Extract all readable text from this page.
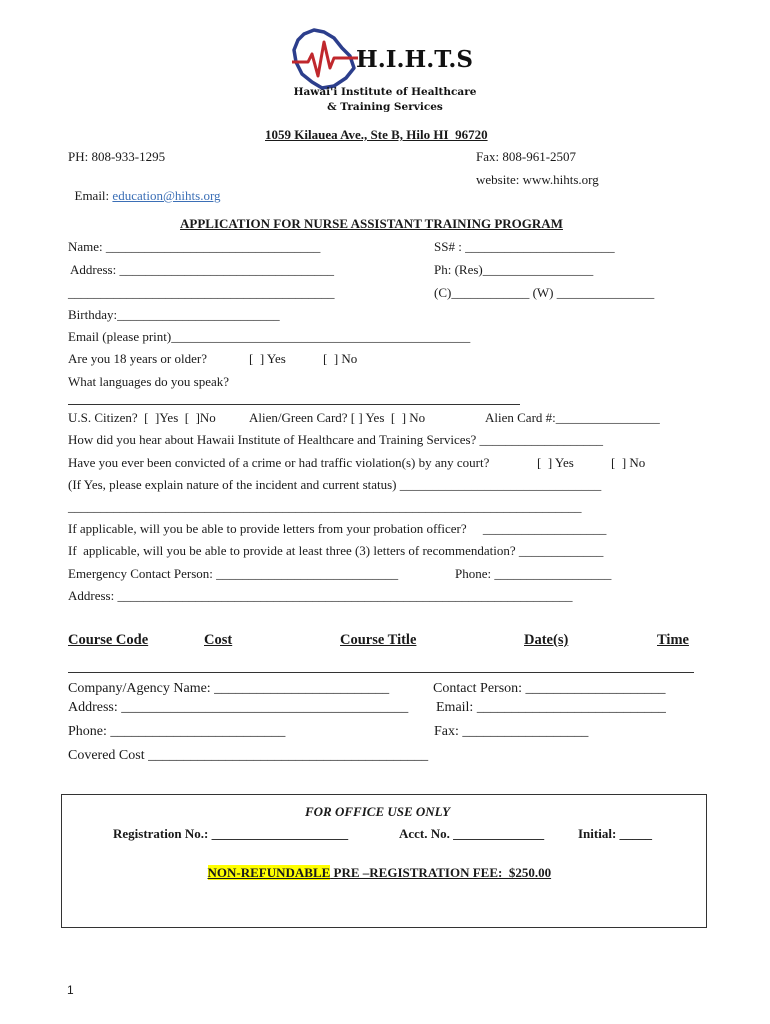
H.I.H.T.S
Hawai'i Institute of Healthcare
& Training Services
1059 Kilauea Ave., Ste B, Hilo HI  96720
PH: 808-933-1295	Fax: 808-961-2507

Email: education@hihts.org

website: www.hihts.org
APPLICATION FOR NURSE ASSISTANT TRAINING PROGRAM
Name: _________________________________	SS# : _______________________
Address: _________________________________	Ph: (Res)_________________
_________________________________________	(C)____________ (W) _______________
Birthday:_________________________
Email (please print)______________________________________________
Are you 18 years or older?	[  ] Yes	[  ] No
What languages do you speak?
U.S. Citizen?  [  ]Yes  [  ]No	Alien/Green Card? [ ] Yes  [  ] No	Alien Card #:________________
How did you hear about Hawaii Institute of Healthcare and Training Services? ___________________
Have you ever been convicted of a crime or had traffic violation(s) by any court?	[  ] Yes	[  ] No
(If Yes, please explain nature of the incident and current status) _______________________________
_______________________________________________________________________________
If applicable, will you be able to provide letters from your probation officer?     ___________________
If  applicable, will you be able to provide at least three (3) letters of recommendation? _____________
Emergency Contact Person: ____________________________	Phone: __________________
Address: ______________________________________________________________________
Course Code	Cost	Course Title	Date(s)	Time
Company/Agency Name: _________________________	Contact Person: ____________________
Address: _________________________________________ Email: ___________________________
Phone: _________________________	Fax: __________________
Covered Cost ________________________________________
FOR OFFICE USE ONLY
Registration No.: _____________________	Acct. No. ______________	Initial: _____

NON-REFUNDABLE PRE –REGISTRATION FEE:  $250.00

1
